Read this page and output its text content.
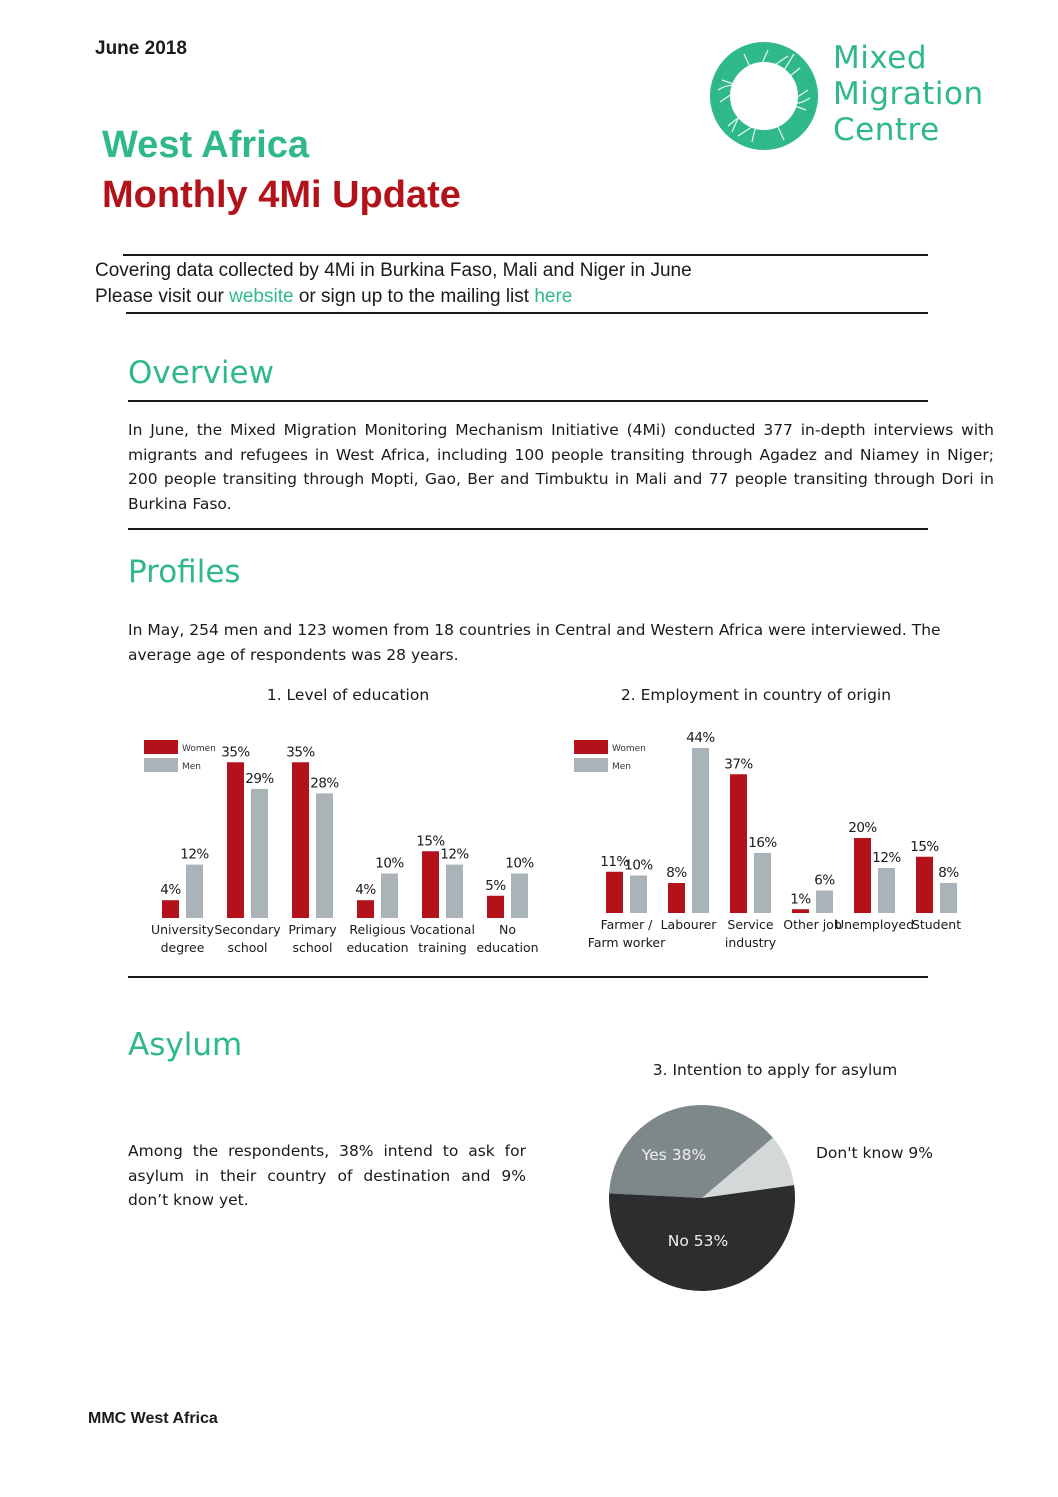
June 2018
West Africa
Monthly 4Mi Update
Mixed
Migration
Centre
Covering data collected by 4Mi in Burkina Faso, Mali and Niger in June
Please visit our website or sign up to the mailing list here
Overview
In June, the Mixed Migration Monitoring Mechanism Initiative (4Mi) conducted 377 in-depth interviews with migrants and refugees in West Africa, including 100 people transiting through Agadez and Niamey in Niger; 200 people transiting through Mopti, Gao, Ber and Timbuktu in Mali and 77 people transiting through Dori in Burkina Faso.
Profiles
In May, 254 men and 123 women from 18 countries in Central and Western Africa were interviewed. The average age of respondents was 28 years.
1. Level of education
Women
Men
4%
12%
University
degree
35%
29%
Secondary
school
35%
28%
Primary
school
4%
10%
Religious
education
15%
12%
Vocational
training
5%
10%
No
education
2. Employment in country of origin
Women
Men
11%
10%
Farmer /
Farm worker
8%
44%
Labourer
37%
16%
Service
industry
1%
6%
Other job
20%
12%
Unemployed
15%
8%
Student
Asylum
Among the respondents, 38% intend to ask for asylum in their country of destination and 9% don’t know yet.
3. Intention to apply for asylum
Yes 38%	Don't know 9%
No 53%
MMC West Africa
